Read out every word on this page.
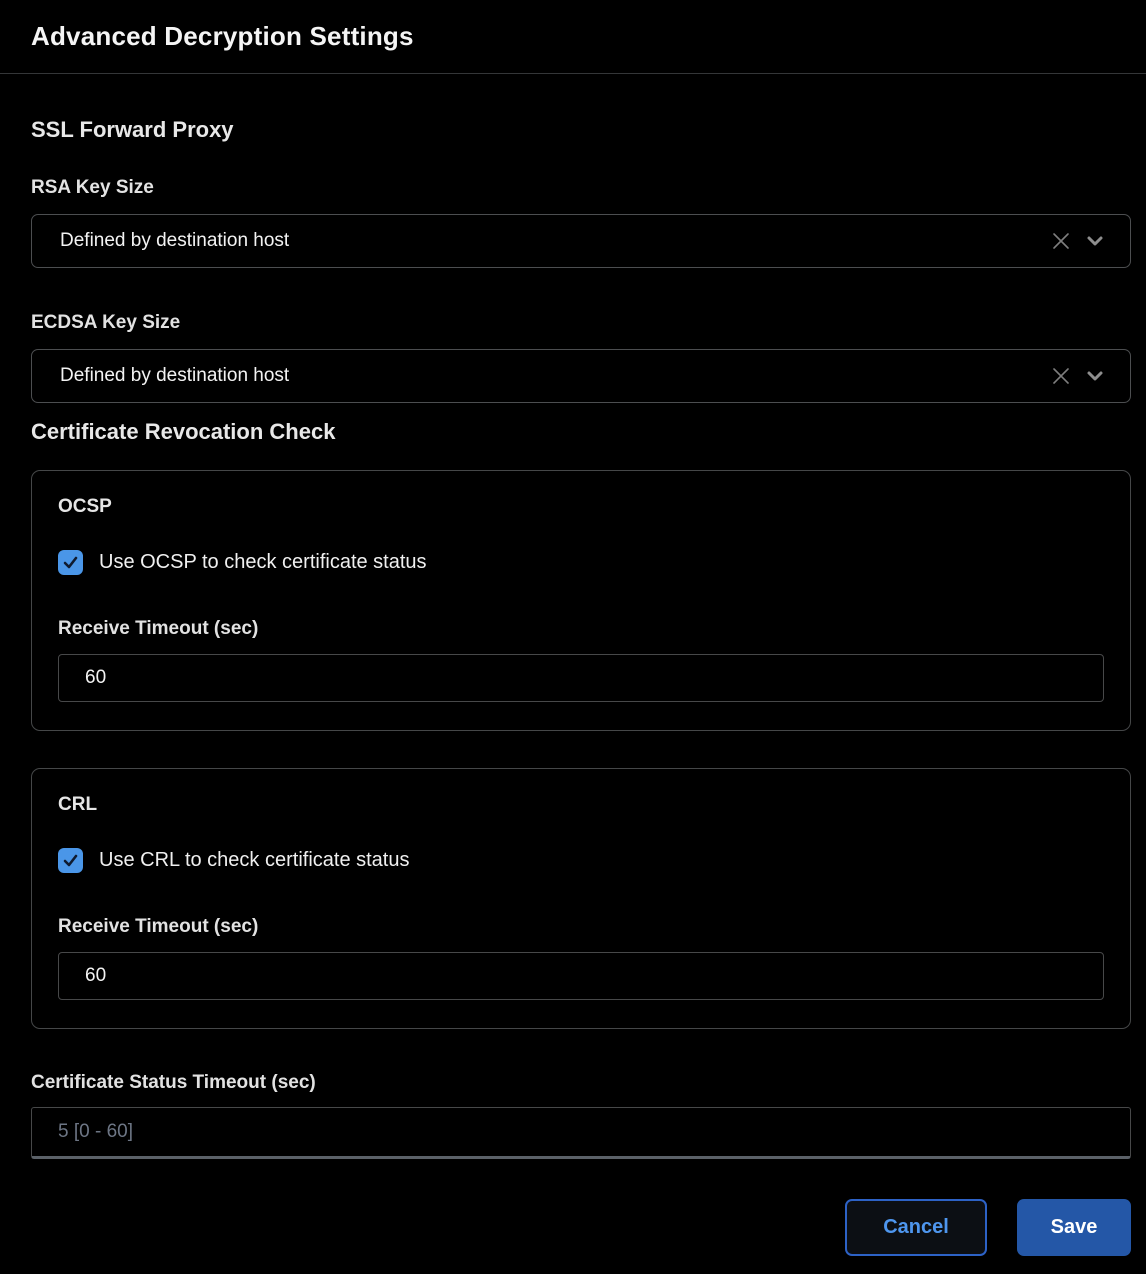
Advanced Decryption Settings
SSL Forward Proxy
RSA Key Size
Defined by destination host
ECDSA Key Size
Defined by destination host
Certificate Revocation Check
OCSP
Use OCSP to check certificate status
Receive Timeout (sec)
60
CRL
Use CRL to check certificate status
Receive Timeout (sec)
60
Certificate Status Timeout (sec)
5 [0 - 60]
Cancel	Save
